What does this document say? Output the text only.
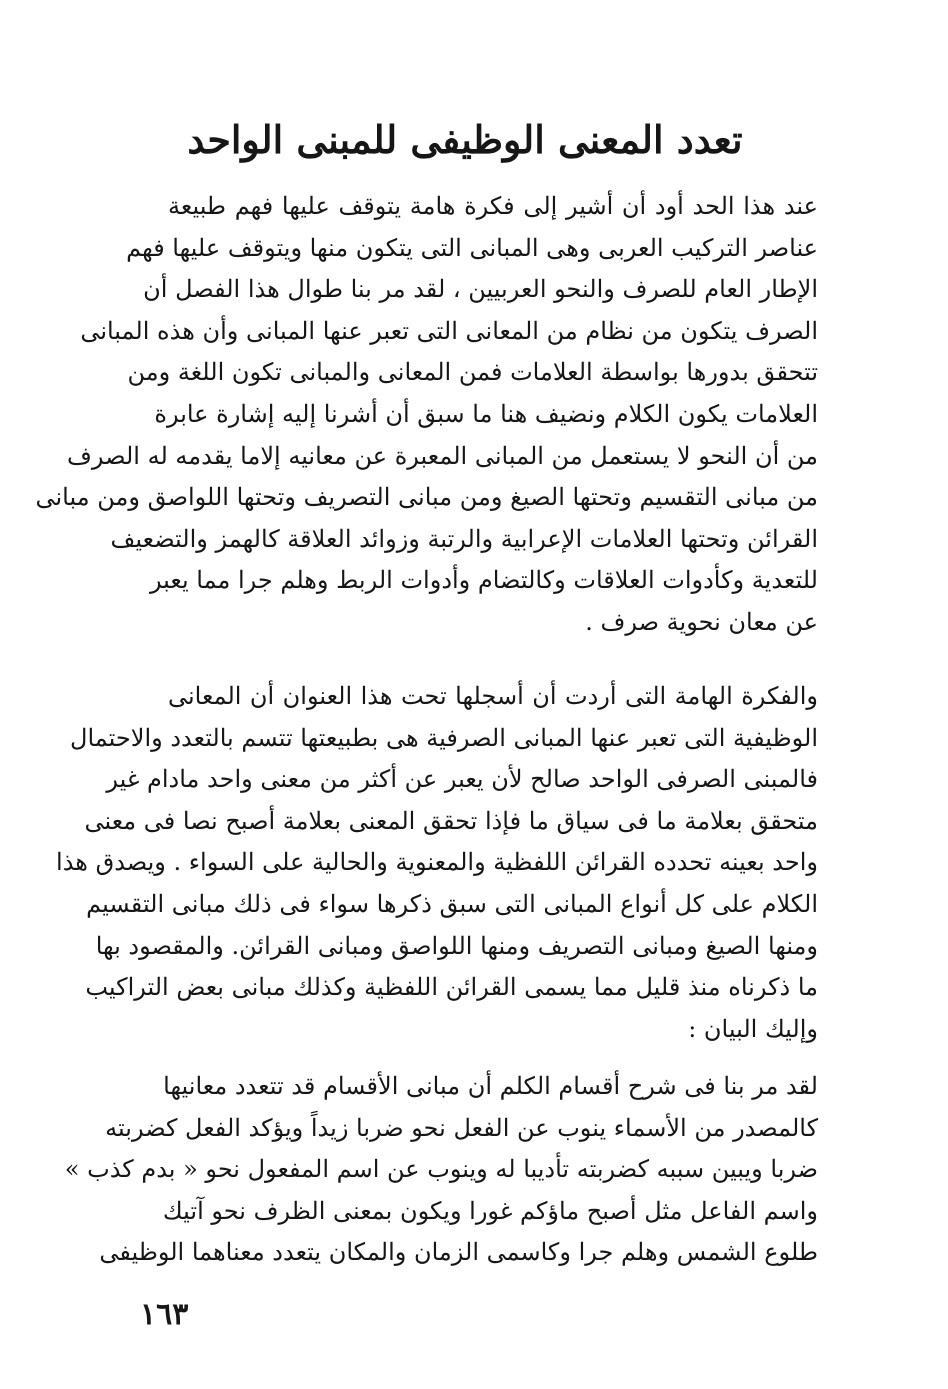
تعدد المعنى الوظيفى للمبنى الواحد
عند هذا الحد أود أن أشير إلى فكرة هامة يتوقف عليها فهم طبيعة
عناصر التركيب العربى وهى المبانى التى يتكون منها ويتوقف عليها فهم
الإطار العام للصرف والنحو العربيين ، لقد مر بنا طوال هذا الفصل أن
الصرف يتكون من نظام من المعانى التى تعبر عنها المبانى وأن هذه المبانى
تتحقق بدورها بواسطة العلامات فمن المعانى والمبانى تكون اللغة ومن
العلامات يكون الكلام ونضيف هنا ما سبق أن أشرنا إليه إشارة عابرة
من أن النحو لا يستعمل من المبانى المعبرة عن معانيه إلاما يقدمه له الصرف
من مبانى التقسيم وتحتها الصيغ ومن مبانى التصريف وتحتها اللواصق ومن مبانى
القرائن وتحتها العلامات الإعرابية والرتبة وزوائد العلاقة كالهمز والتضعيف
للتعدية وكأدوات العلاقات وكالتضام وأدوات الربط وهلم جرا مما يعبر
عن معان نحوية صرف .
والفكرة الهامة التى أردت أن أسجلها تحت هذا العنوان أن المعانى
الوظيفية التى تعبر عنها المبانى الصرفية هى بطبيعتها تتسم بالتعدد والاحتمال
فالمبنى الصرفى الواحد صالح لأن يعبر عن أكثر من معنى واحد مادام غير
متحقق بعلامة ما فى سياق ما فإذا تحقق المعنى بعلامة أصبح نصا فى معنى
واحد بعينه تحدده القرائن اللفظية والمعنوية والحالية على السواء . ويصدق هذا
الكلام على كل أنواع المبانى التى سبق ذكرها سواء فى ذلك مبانى التقسيم
ومنها الصيغ ومبانى التصريف ومنها اللواصق ومبانى القرائن. والمقصود بها
ما ذكرناه منذ قليل مما يسمى القرائن اللفظية وكذلك مبانى بعض التراكيب
وإليك البيان :
لقد مر بنا فى شرح أقسام الكلم أن مبانى الأقسام قد تتعدد معانيها
كالمصدر من الأسماء ينوب عن الفعل نحو ضربا زيداً ويؤكد الفعل كضربته
ضربا ويبين سببه كضربته تأديبا له وينوب عن اسم المفعول نحو « بدم كذب »
واسم الفاعل مثل أصبح ماؤكم غورا ويكون بمعنى الظرف نحو آتيك
طلوع الشمس وهلم جرا وكاسمى الزمان والمكان يتعدد معناهما الوظيفى
١٦٣
